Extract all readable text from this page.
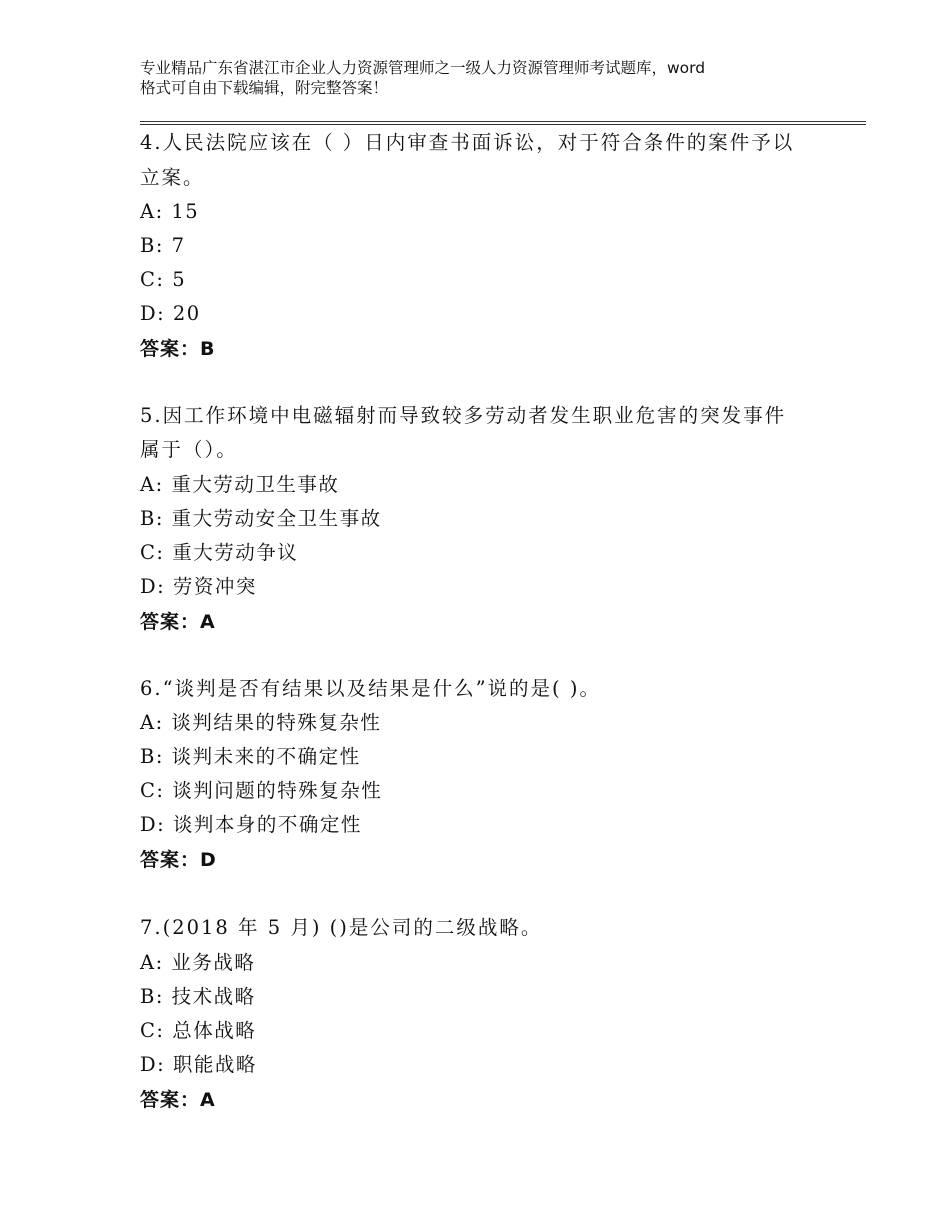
专业精品广东省湛江市企业人力资源管理师之一级人力资源管理师考试题库，word
格式可自由下载编辑，附完整答案！
4.人民法院应该在（ ）日内审查书面诉讼，对于符合条件的案件予以
立案。
A: 15
B: 7
C: 5
D: 20
答案：B
5.因工作环境中电磁辐射而导致较多劳动者发生职业危害的突发事件
属于（）。
A: 重大劳动卫生事故
B: 重大劳动安全卫生事故
C: 重大劳动争议
D: 劳资冲突
答案：A
6.“谈判是否有结果以及结果是什么”说的是( )。
A: 谈判结果的特殊复杂性
B: 谈判未来的不确定性
C: 谈判问题的特殊复杂性
D: 谈判本身的不确定性
答案：D
7.(2018 年 5 月) ()是公司的二级战略。
A: 业务战略
B: 技术战略
C: 总体战略
D: 职能战略
答案：A
